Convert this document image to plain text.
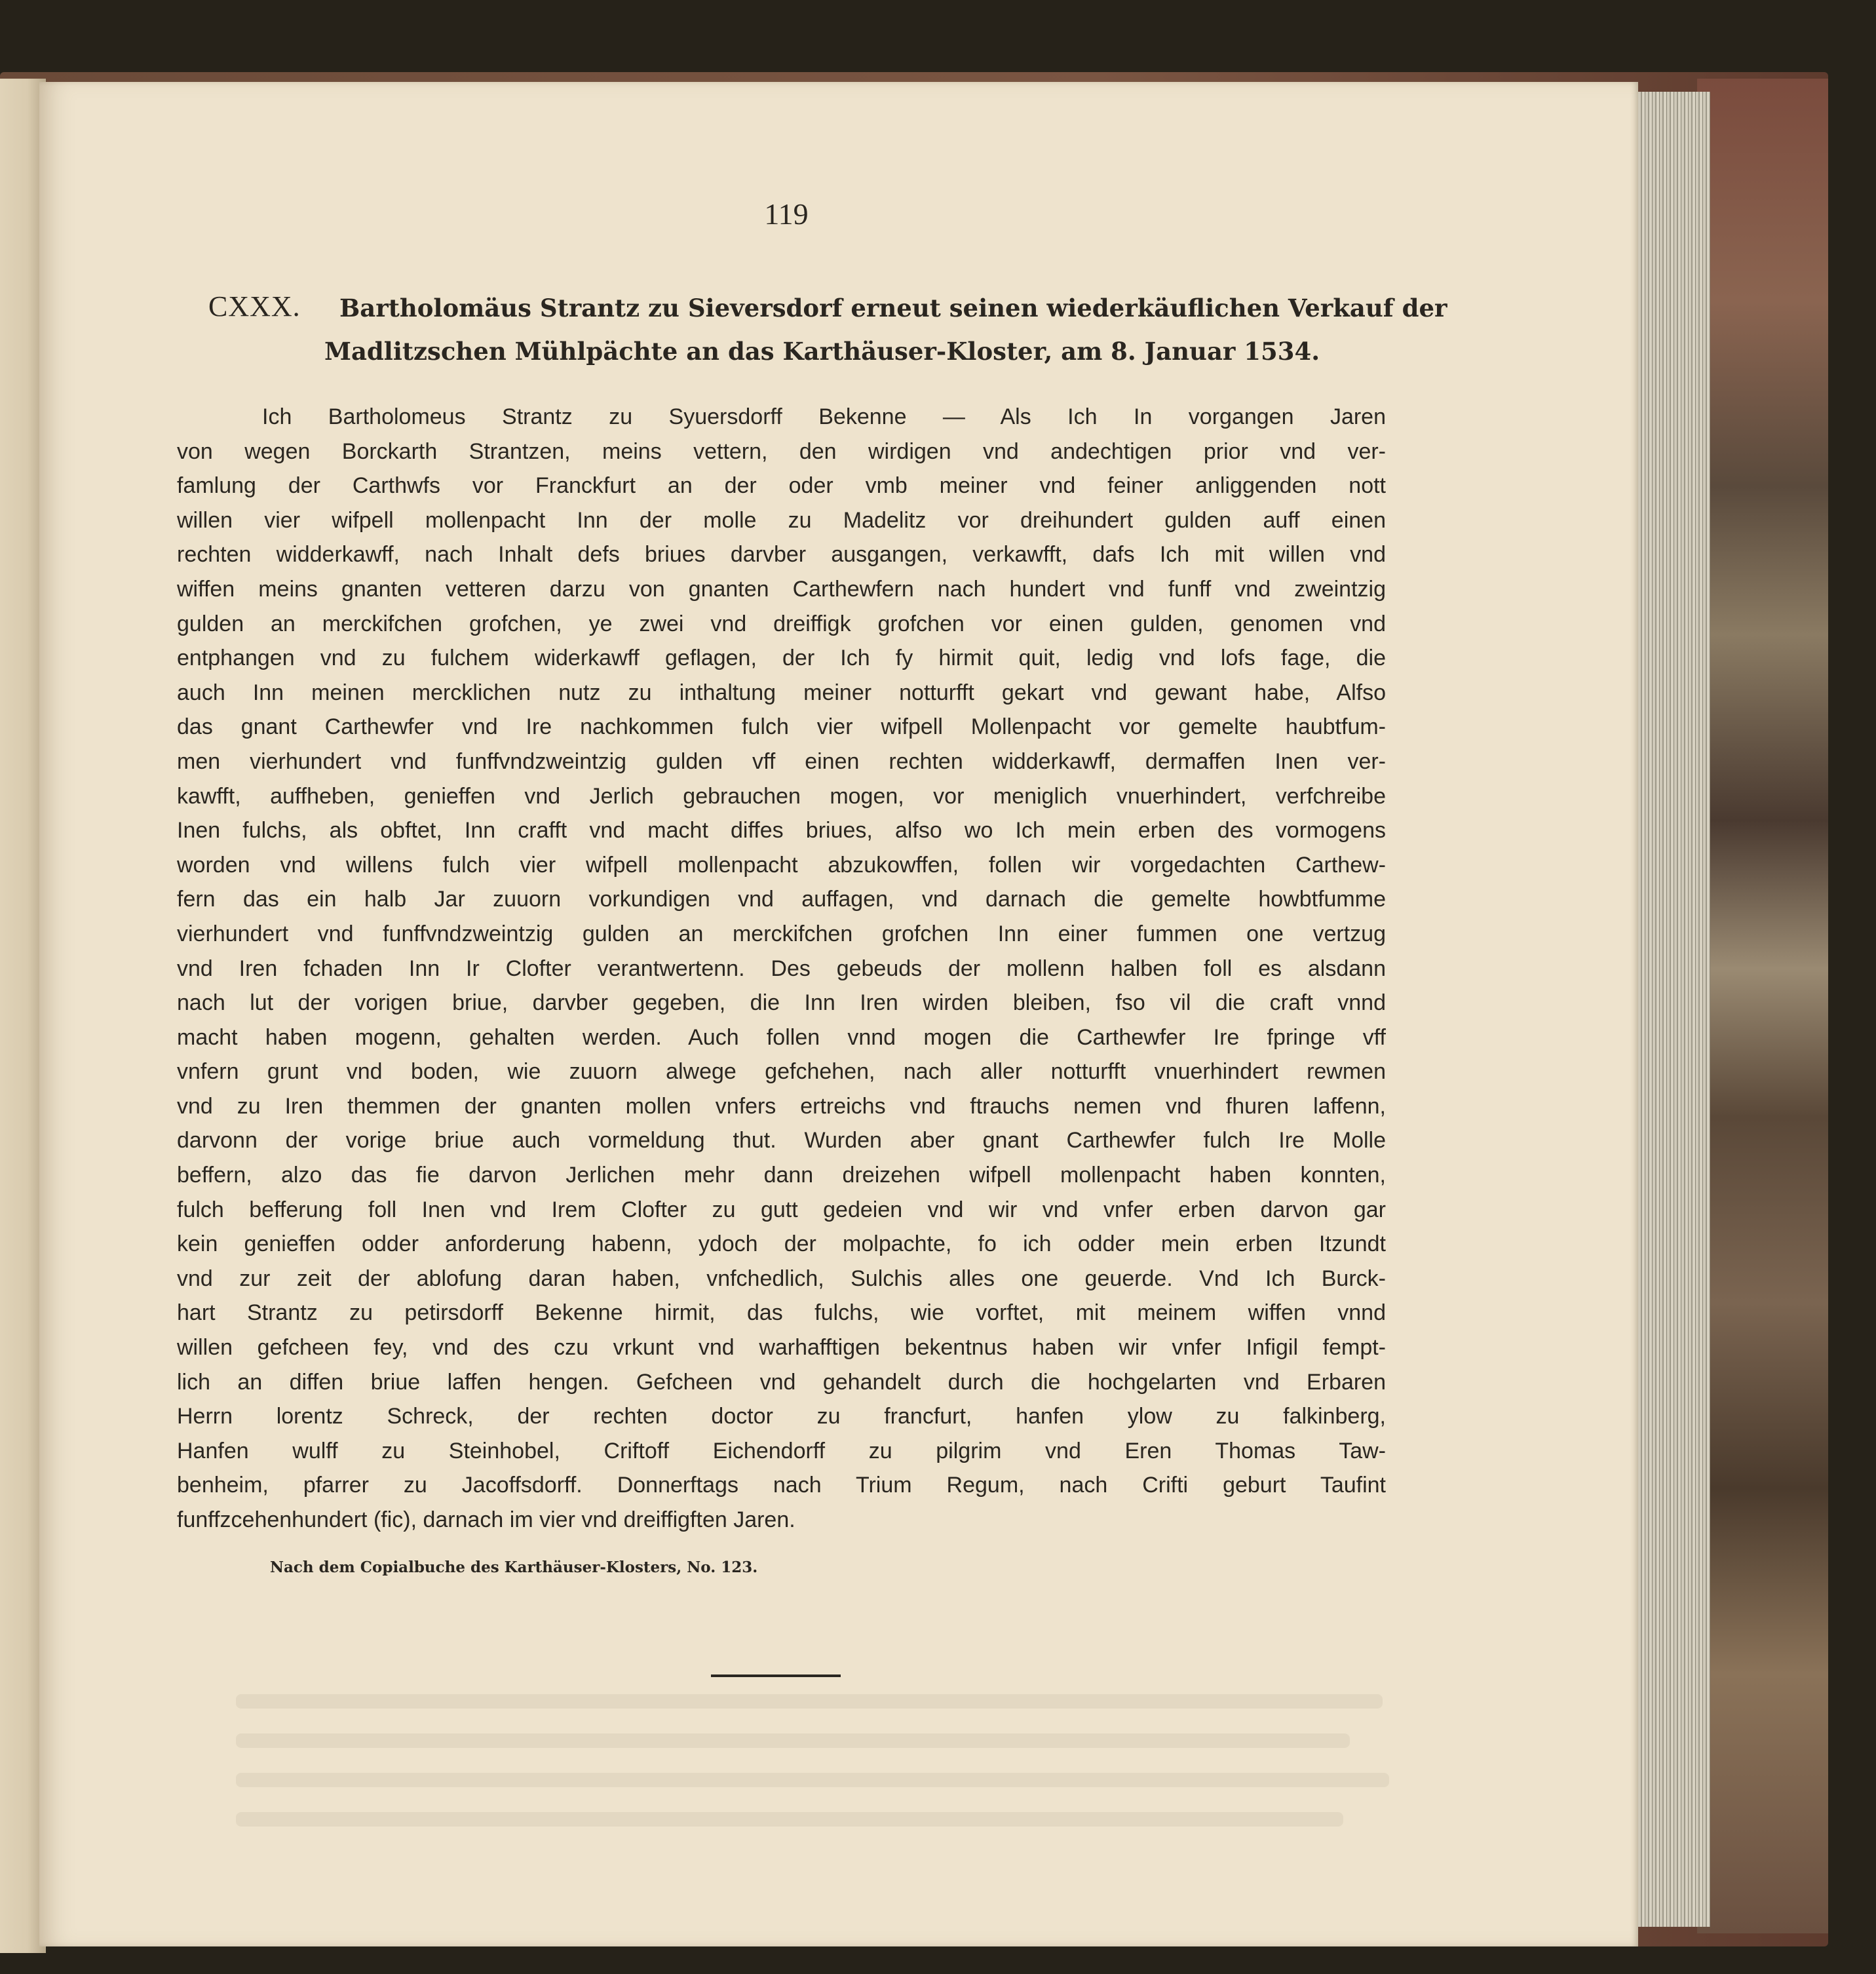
119
CXXX. Bartholomäus Strantz zu Sieversdorf erneut seinen wiederkäuflichen Verkauf der
Madlitzschen Mühlpächte an das Karthäuser-Kloster, am 8. Januar 1534.
Ich Bartholomeus Strantz zu Syuersdorff Bekenne — Als Ich In vorgangen Jaren
von wegen Borckarth Strantzen, meins vettern, den wirdigen vnd andechtigen prior vnd ver-
famlung der Carthwfs vor Franckfurt an der oder vmb meiner vnd feiner anliggenden nott
willen vier wifpell mollenpacht Inn der molle zu Madelitz vor dreihundert gulden auff einen
rechten widderkawff, nach Inhalt defs briues darvber ausgangen, verkawfft, dafs Ich mit willen vnd
wiffen meins gnanten vetteren darzu von gnanten Carthewfern nach hundert vnd funff vnd zweintzig
gulden an merckifchen grofchen, ye zwei vnd dreiffigk grofchen vor einen gulden, genomen vnd
entphangen vnd zu fulchem widerkawff geflagen, der Ich fy hirmit quit, ledig vnd lofs fage, die
auch Inn meinen mercklichen nutz zu inthaltung meiner notturfft gekart vnd gewant habe, Alfso
das gnant Carthewfer vnd Ire nachkommen fulch vier wifpell Mollenpacht vor gemelte haubtfum-
men vierhundert vnd funffvndzweintzig gulden vff einen rechten widderkawff, dermaffen Inen ver-
kawfft, auffheben, genieffen vnd Jerlich gebrauchen mogen, vor meniglich vnuerhindert, verfchreibe
Inen fulchs, als obftet, Inn crafft vnd macht diffes briues, alfso wo Ich mein erben des vormogens
worden vnd willens fulch vier wifpell mollenpacht abzukowffen, follen wir vorgedachten Carthew-
fern das ein halb Jar zuuorn vorkundigen vnd auffagen, vnd darnach die gemelte howbtfumme
vierhundert vnd funffvndzweintzig gulden an merckifchen grofchen Inn einer fummen one vertzug
vnd Iren fchaden Inn Ir Clofter verantwertenn. Des gebeuds der mollenn halben foll es alsdann
nach lut der vorigen briue, darvber gegeben, die Inn Iren wirden bleiben, fso vil die craft vnnd
macht haben mogenn, gehalten werden. Auch follen vnnd mogen die Carthewfer Ire fpringe vff
vnfern grunt vnd boden, wie zuuorn alwege gefchehen, nach aller notturfft vnuerhindert rewmen
vnd zu Iren themmen der gnanten mollen vnfers ertreichs vnd ftrauchs nemen vnd fhuren laffenn,
darvonn der vorige briue auch vormeldung thut. Wurden aber gnant Carthewfer fulch Ire Molle
beffern, alzo das fie darvon Jerlichen mehr dann dreizehen wifpell mollenpacht haben konnten,
fulch befferung foll Inen vnd Irem Clofter zu gutt gedeien vnd wir vnd vnfer erben darvon gar
kein genieffen odder anforderung habenn, ydoch der molpachte, fo ich odder mein erben Itzundt
vnd zur zeit der ablofung daran haben, vnfchedlich, Sulchis alles one geuerde. Vnd Ich Burck-
hart Strantz zu petirsdorff Bekenne hirmit, das fulchs, wie vorftet, mit meinem wiffen vnnd
willen gefcheen fey, vnd des czu vrkunt vnd warhafftigen bekentnus haben wir vnfer Infigil fempt-
lich an diffen briue laffen hengen. Gefcheen vnd gehandelt durch die hochgelarten vnd Erbaren
Herrn lorentz Schreck, der rechten doctor zu francfurt, hanfen ylow zu falkinberg,
Hanfen wulff zu Steinhobel, Criftoff Eichendorff zu pilgrim vnd Eren Thomas Taw-
benheim, pfarrer zu Jacoffsdorff. Donnerftags nach Trium Regum, nach Crifti geburt Taufint
funffzcehenhundert (fic), darnach im vier vnd dreiffigften Jaren.
Nach dem Copialbuche des Karthäuser-Klosters, No. 123.
